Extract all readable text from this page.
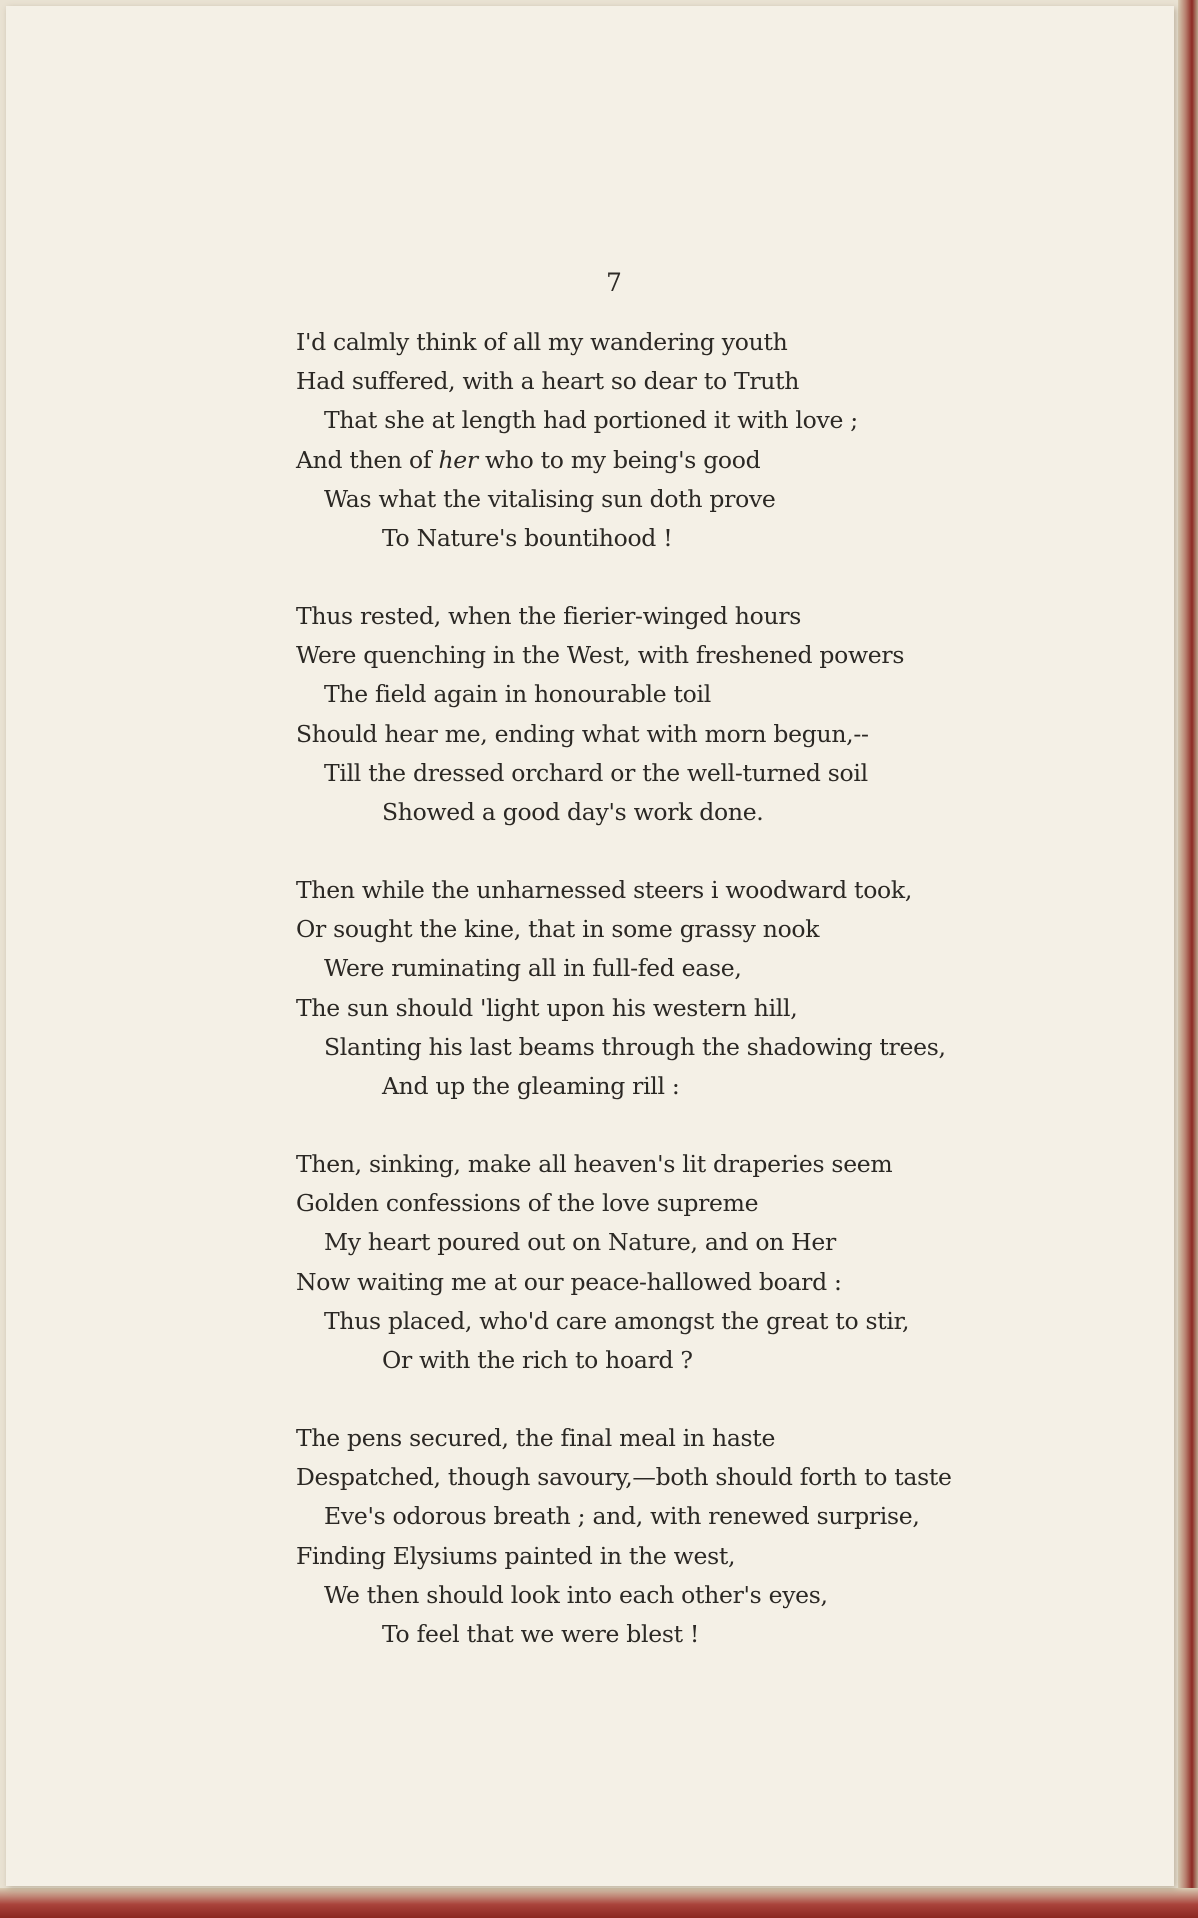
7
I'd calmly think of all my wandering youth
Had suffered, with a heart so dear to Truth
That she at length had portioned it with love ;
And then of her who to my being's good
Was what the vitalising sun doth prove
To Nature's bountihood !
Thus rested, when the fierier-winged hours
Were quenching in the West, with freshened powers
The field again in honourable toil
Should hear me, ending what with morn begun,--
Till the dressed orchard or the well-turned soil
Showed a good day's work done.
Then while the unharnessed steers i woodward took,
Or sought the kine, that in some grassy nook
Were ruminating all in full-fed ease,
The sun should 'light upon his western hill,
Slanting his last beams through the shadowing trees,
And up the gleaming rill :
Then, sinking, make all heaven's lit draperies seem
Golden confessions of the love supreme
My heart poured out on Nature, and on Her
Now waiting me at our peace-hallowed board :
Thus placed, who'd care amongst the great to stir,
Or with the rich to hoard ?
The pens secured, the final meal in haste
Despatched, though savoury,—both should forth to taste
Eve's odorous breath ; and, with renewed surprise,
Finding Elysiums painted in the west,
We then should look into each other's eyes,
To feel that we were blest !
